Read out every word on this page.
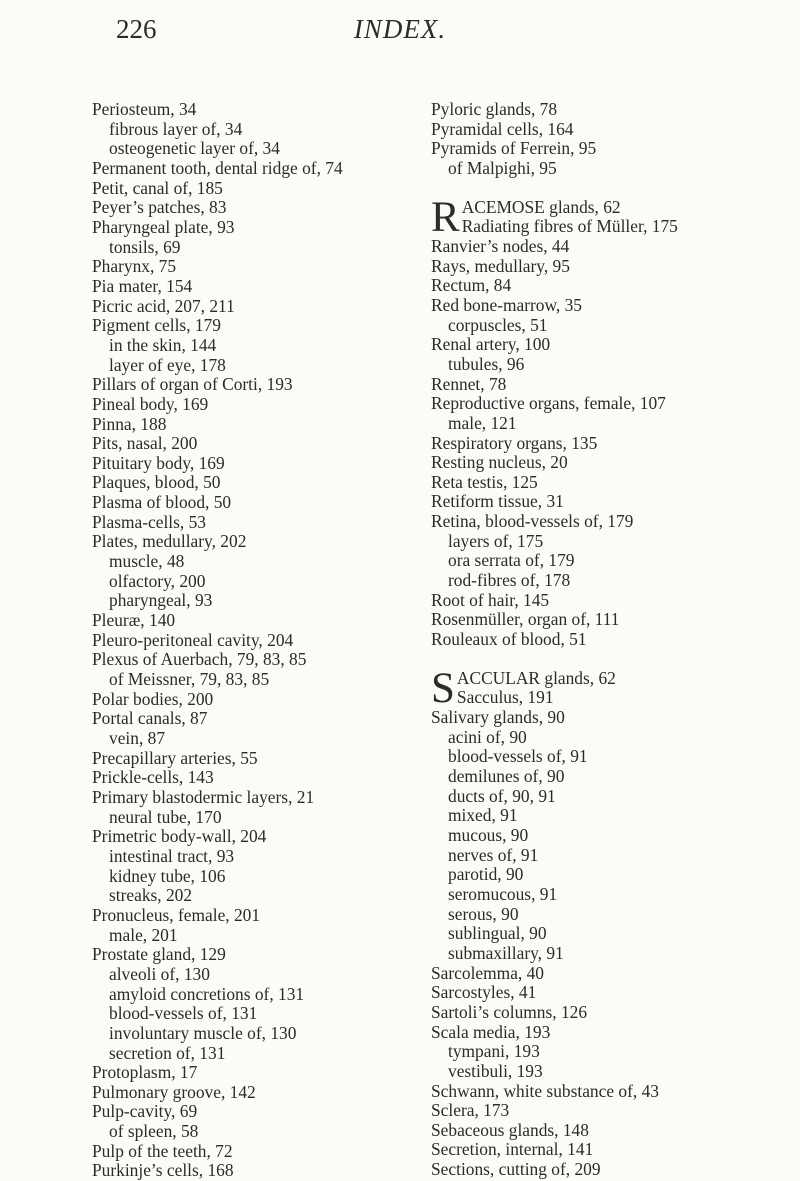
226	INDEX.
Periosteum, 34
fibrous layer of, 34
osteogenetic layer of, 34
Permanent tooth, dental ridge of, 74
Petit, canal of, 185
Peyer’s patches, 83
Pharyngeal plate, 93
tonsils, 69
Pharynx, 75
Pia mater, 154
Picric acid, 207, 211
Pigment cells, 179
in the skin, 144
layer of eye, 178
Pillars of organ of Corti, 193
Pineal body, 169
Pinna, 188
Pits, nasal, 200
Pituitary body, 169
Plaques, blood, 50
Plasma of blood, 50
Plasma-cells, 53
Plates, medullary, 202
muscle, 48
olfactory, 200
pharyngeal, 93
Pleuræ, 140
Pleuro-peritoneal cavity, 204
Plexus of Auerbach, 79, 83, 85
of Meissner, 79, 83, 85
Polar bodies, 200
Portal canals, 87
vein, 87
Precapillary arteries, 55
Prickle-cells, 143
Primary blastodermic layers, 21
neural tube, 170
Primetric body-wall, 204
intestinal tract, 93
kidney tube, 106
streaks, 202
Pronucleus, female, 201
male, 201
Prostate gland, 129
alveoli of, 130
amyloid concretions of, 131
blood-vessels of, 131
involuntary muscle of, 130
secretion of, 131
Protoplasm, 17
Pulmonary groove, 142
Pulp-cavity, 69
of spleen, 58
Pulp of the teeth, 72
Purkinje’s cells, 168
Pyloric glands, 78
Pyramidal cells, 164
Pyramids of Ferrein, 95
of Malpighi, 95
RACEMOSE glands, 62
Radiating fibres of Müller, 175
Ranvier’s nodes, 44
Rays, medullary, 95
Rectum, 84
Red bone-marrow, 35
corpuscles, 51
Renal artery, 100
tubules, 96
Rennet, 78
Reproductive organs, female, 107
male, 121
Respiratory organs, 135
Resting nucleus, 20
Reta testis, 125
Retiform tissue, 31
Retina, blood-vessels of, 179
layers of, 175
ora serrata of, 179
rod-fibres of, 178
Root of hair, 145
Rosenmüller, organ of, 111
Rouleaux of blood, 51
SACCULAR glands, 62
Sacculus, 191
Salivary glands, 90
acini of, 90
blood-vessels of, 91
demilunes of, 90
ducts of, 90, 91
mixed, 91
mucous, 90
nerves of, 91
parotid, 90
seromucous, 91
serous, 90
sublingual, 90
submaxillary, 91
Sarcolemma, 40
Sarcostyles, 41
Sartoli’s columns, 126
Scala media, 193
tympani, 193
vestibuli, 193
Schwann, white substance of, 43
Sclera, 173
Sebaceous glands, 148
Secretion, internal, 141
Sections, cutting of, 209
